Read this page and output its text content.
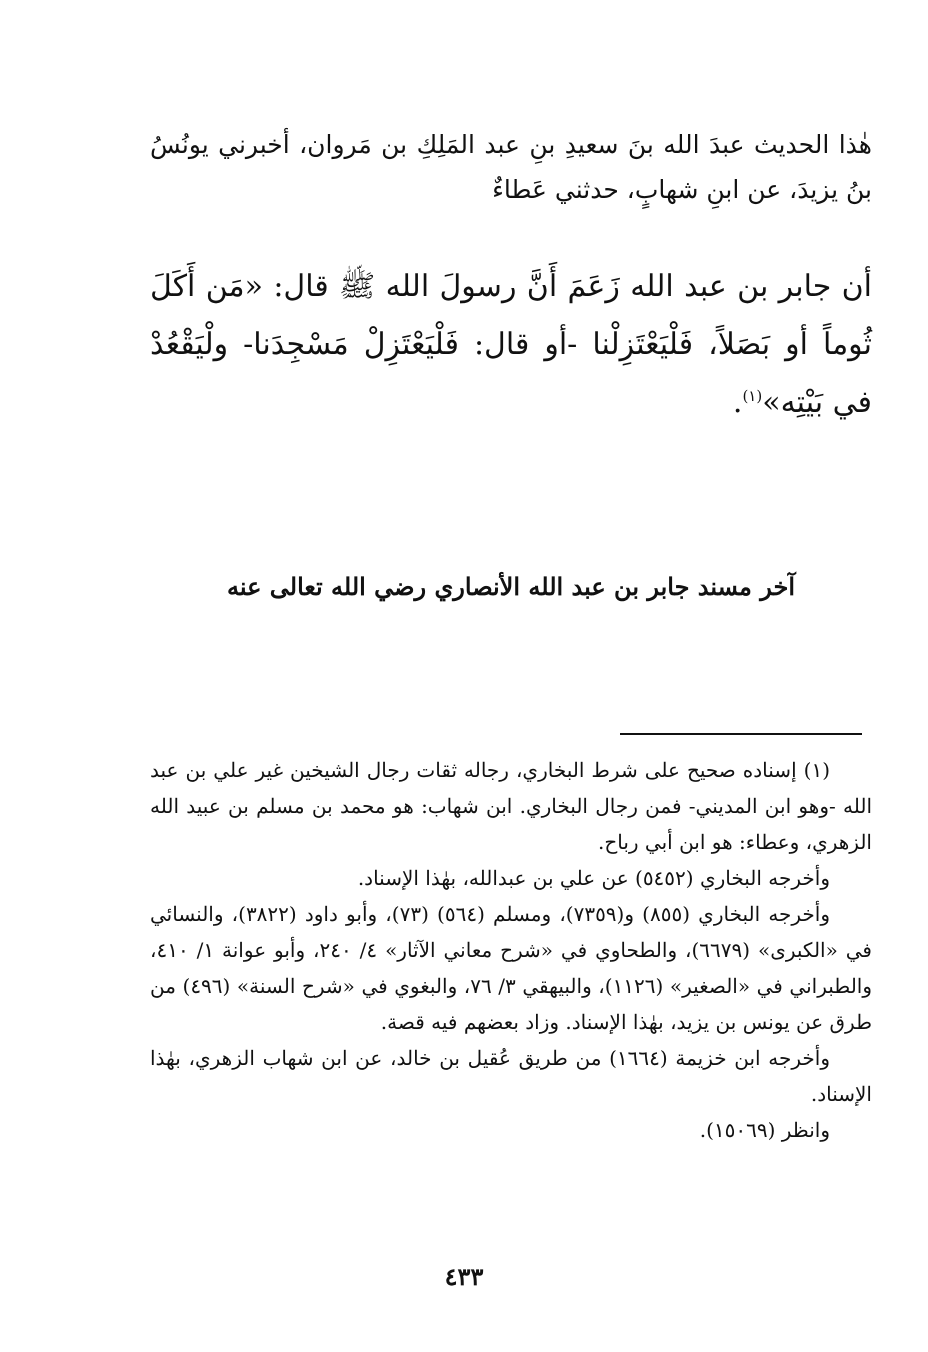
هٰذا الحديث عبدَ الله بنَ سعيدِ بنِ عبد المَلِكِ بن مَروان، أخبرني يونُسُ بنُ يزيدَ، عن ابنِ شهابٍ، حدثني عَطاءٌ

أن جابر بن عبد الله زَعَمَ أَنَّ رسولَ الله ﷺ قال: «مَن أَكَلَ ثُوماً أو بَصَلاً، فَلْيَعْتَزِلْنا -أو قال: فَلْيَعْتَزِلْ مَسْجِدَنا- ولْيَقْعُدْ في بَيْتِه»$^{(١)}$.

آخر مسند جابر بن عبد الله الأنصاري رضي الله تعالى عنه

(١) إسناده صحيح على شرط البخاري، رجاله ثقات رجال الشيخين غير علي بن عبد الله -وهو ابن المديني- فمن رجال البخاري. ابن شهاب: هو محمد بن مسلم بن عبيد الله الزهري، وعطاء: هو ابن أبي رباح.

وأخرجه البخاري (٥٤٥٢) عن علي بن عبدالله، بهٰذا الإسناد.

وأخرجه البخاري (٨٥٥) و(٧٣٥٩)، ومسلم (٥٦٤) (٧٣)، وأبو داود (٣٨٢٢)، والنسائي في «الكبرى» (٦٦٧٩)، والطحاوي في «شرح معاني الآثار» ٤/ ٢٤٠، وأبو عوانة ١/ ٤١٠، والطبراني في «الصغير» (١١٢٦)، والبيهقي ٣/ ٧٦، والبغوي في «شرح السنة» (٤٩٦) من طرق عن يونس بن يزيد، بهٰذا الإسناد. وزاد بعضهم فيه قصة.

وأخرجه ابن خزيمة (١٦٦٤) من طريق عُقيل بن خالد، عن ابن شهاب الزهري، بهٰذا الإسناد.

وانظر (١٥٠٦٩).

٤٣٣
